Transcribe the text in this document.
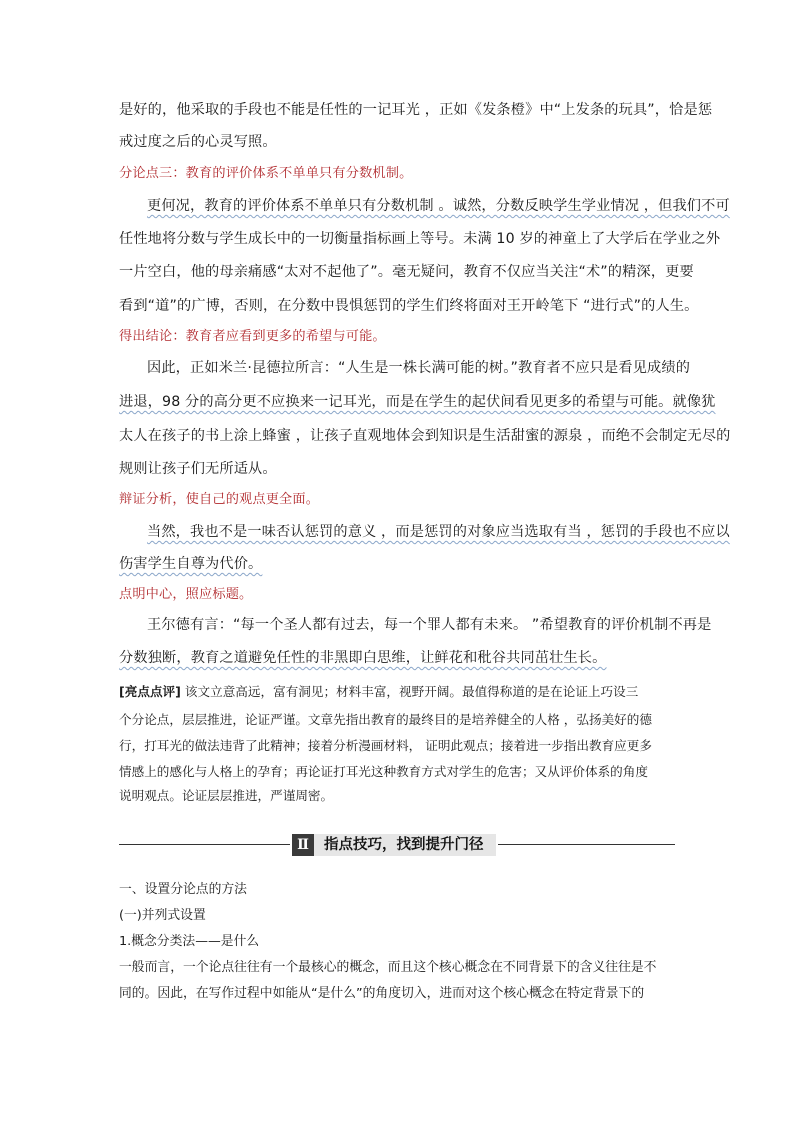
是好的，他采取的手段也不能是任性的一记耳光 ，正如《发条橙》中“上发条的玩具”，恰是惩
戒过度之后的心灵写照。
分论点三：教育的评价体系不单单只有分数机制。
更何况，教育的评价体系不单单只有分数机制 。诚然，分数反映学生学业情况 ，但我们不可
任性地将分数与学生成长中的一切衡量指标画上等号。未满 10 岁的神童上了大学后在学业之外
一片空白，他的母亲痛感“太对不起他了”。毫无疑问，教育不仅应当关注“术”的精深，更要
看到“道”的广博，否则，在分数中畏惧惩罚的学生们终将面对王开岭笔下 “进行式”的人生。
得出结论：教育者应看到更多的希望与可能。
因此，正如米兰·昆德拉所言：“人生是一株长满可能的树。”教育者不应只是看见成绩的
进退，98 分的高分更不应换来一记耳光，而是在学生的起伏间看见更多的希望与可能。就像犹
太人在孩子的书上涂上蜂蜜 ，让孩子直观地体会到知识是生活甜蜜的源泉 ，而绝不会制定无尽的
规则让孩子们无所适从。
辩证分析，使自己的观点更全面。
当然，我也不是一味否认惩罚的意义 ，而是惩罚的对象应当选取有当 ，惩罚的手段也不应以
伤害学生自尊为代价。
点明中心，照应标题。
王尔德有言：“每一个圣人都有过去，每一个罪人都有未来。 ”希望教育的评价机制不再是
分数独断，教育之道避免任性的非黑即白思维，让鲜花和秕谷共同茁壮生长。
[亮点点评] 该文立意高远，富有洞见；材料丰富，视野开阔。最值得称道的是在论证上巧设三
个分论点，层层推进，论证严谨。文章先指出教育的最终目的是培养健全的人格 ，弘扬美好的德
行，打耳光的做法违背了此精神；接着分析漫画材料， 证明此观点；接着进一步指出教育应更多
情感上的感化与人格上的孕育；再论证打耳光这种教育方式对学生的危害；又从评价体系的角度
说明观点。论证层层推进，严谨周密。
Ⅱ	指点技巧，找到提升门径
一、设置分论点的方法
(一)并列式设置
1.概念分类法——是什么
一般而言，一个论点往往有一个最核心的概念，而且这个核心概念在不同背景下的含义往往是不
同的。因此，在写作过程中如能从“是什么”的角度切入，进而对这个核心概念在特定背景下的
